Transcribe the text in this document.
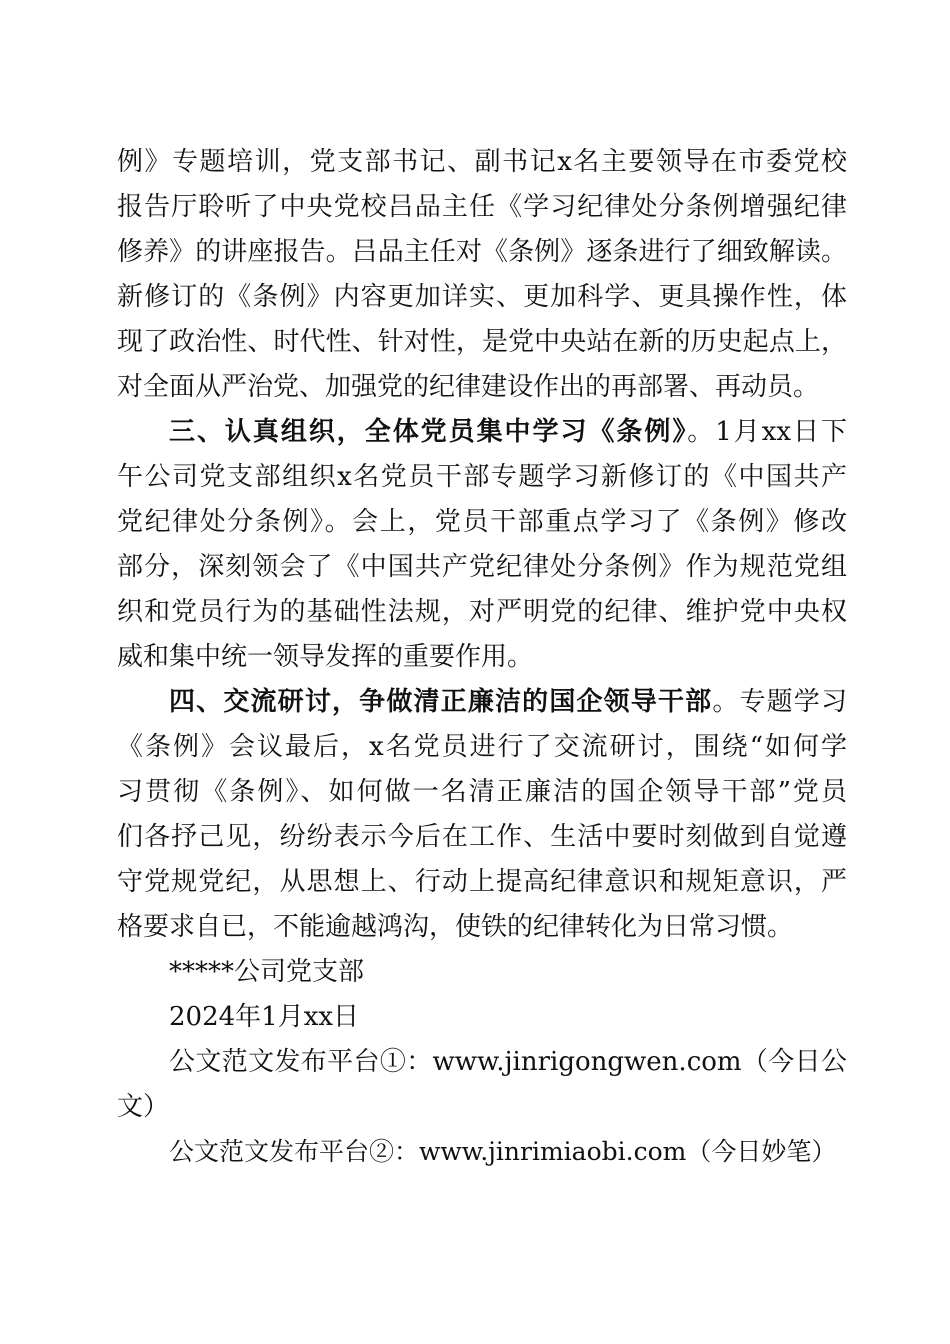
例》专题培训，党支部书记、副书记x名主要领导在市委党校
报告厅聆听了中央党校吕品主任《学习纪律处分条例增强纪律
修养》的讲座报告。吕品主任对《条例》逐条进行了细致解读。
新修订的《条例》内容更加详实、更加科学、更具操作性，体
现了政治性、时代性、针对性，是党中央站在新的历史起点上，
对全面从严治党、加强党的纪律建设作出的再部署、再动员。
三、认真组织，全体党员集中学习《条例》。1月xx日下
午公司党支部组织x名党员干部专题学习新修订的《中国共产
党纪律处分条例》。会上，党员干部重点学习了《条例》修改
部分，深刻领会了《中国共产党纪律处分条例》作为规范党组
织和党员行为的基础性法规，对严明党的纪律、维护党中央权
威和集中统一领导发挥的重要作用。
四、交流研讨，争做清正廉洁的国企领导干部。专题学习
《条例》会议最后，x名党员进行了交流研讨，围绕“如何学
习贯彻《条例》、如何做一名清正廉洁的国企领导干部”党员
们各抒己见，纷纷表示今后在工作、生活中要时刻做到自觉遵
守党规党纪，从思想上、行动上提高纪律意识和规矩意识，严
格要求自已，不能逾越鸿沟，使铁的纪律转化为日常习惯。
*****公司党支部
2024年1月xx日
公文范文发布平台①：www.jinrigongwen.com（今日公
文）
公文范文发布平台②：www.jinrimiaobi.com（今日妙笔）
